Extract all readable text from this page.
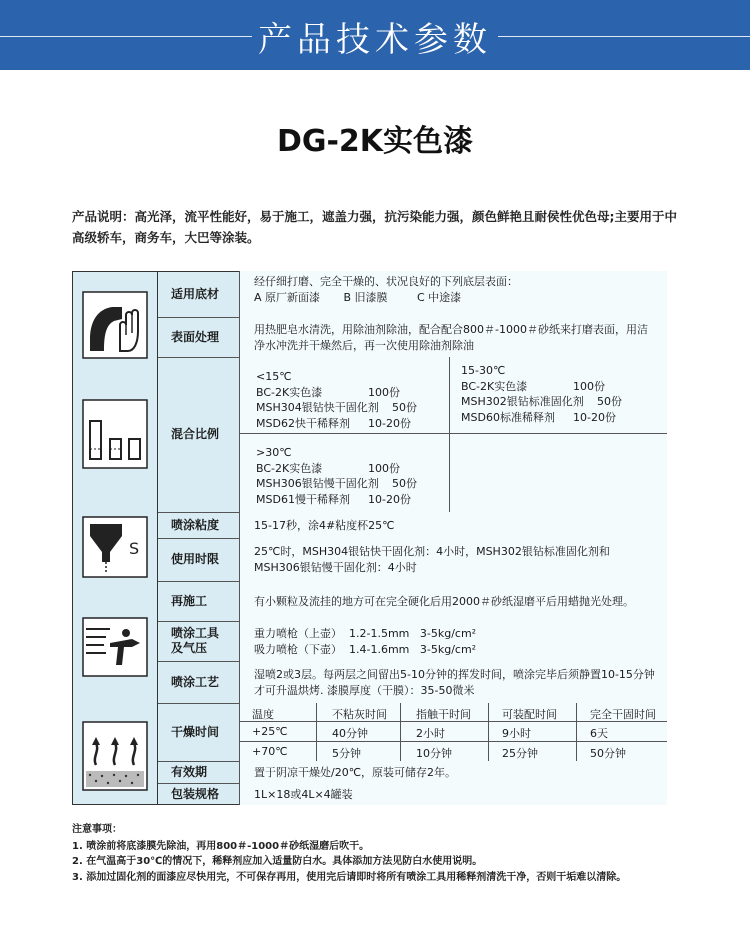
产品技术参数
DG-2K实色漆
产品说明：高光泽，流平性能好，易于施工，遮盖力强，抗污染能力强，颜色鲜艳且耐侯性优色母;主要用于中高级轿车，商务车，大巴等涂装。
S
适用底材
经仔细打磨、完全干燥的、状况良好的下列底层表面：
A 原厂新面漆 B 旧漆膜	C 中途漆
表面处理
用热肥皂水清洗，用除油剂除油，配合配合800＃-1000＃砂纸来打磨表面，用洁净水冲洗并干燥然后，再一次使用除油剂除油
混合比例
<15℃
BC-2K实色漆	100份
MSH304银钻快干固化剂 50份
MSD62快干稀释剂 10-20份
15-30℃
BC-2K实色漆	100份
MSH302银钻标准固化剂 50份
MSD60标准稀释剂 10-20份
>30℃
BC-2K实色漆	100份
MSH306银钻慢干固化剂 50份
MSD61慢干稀释剂 10-20份
喷涂粘度	15-17秒，涂4#粘度杯25℃
使用时限
25℃时，MSH304银钻快干固化剂：4小时，MSH302银钻标准固化剂和MSH306银钻慢干固化剂：4小时
再施工	有小颗粒及流挂的地方可在完全硬化后用2000＃砂纸湿磨平后用蜡抛光处理。
喷涂工具
及气压
重力喷枪（上壶）  1.2-1.5mm   3-5kg/cm²
吸力喷枪（下壶）  1.4-1.6mm   3-5kg/cm²
喷涂工艺
湿喷2或3层。每两层之间留出5-10分钟的挥发时间，喷涂完毕后须静置10-15分钟才可升温烘烤. 漆膜厚度（干膜）：35-50微米
干燥时间
温度	不粘灰时间	指触干时间	可装配时间	完全干固时间
+25℃	40分钟	2小时	9小时	6天
+70℃	5分钟	10分钟	25分钟	50分钟
有效期	置于阴凉干燥处/20℃，原装可储存2年。
包装规格	1L×18或4L×4罐装
注意事项：
1. 喷涂前将底漆膜先除油，再用800＃-1000＃砂纸湿磨后吹干。
2. 在气温高于30℃的情况下，稀释剂应加入适量防白水。具体添加方法见防白水使用说明。
3. 添加过固化剂的面漆应尽快用完，不可保存再用，使用完后请即时将所有喷涂工具用稀释剂清洗干净，否则干垢难以清除。
